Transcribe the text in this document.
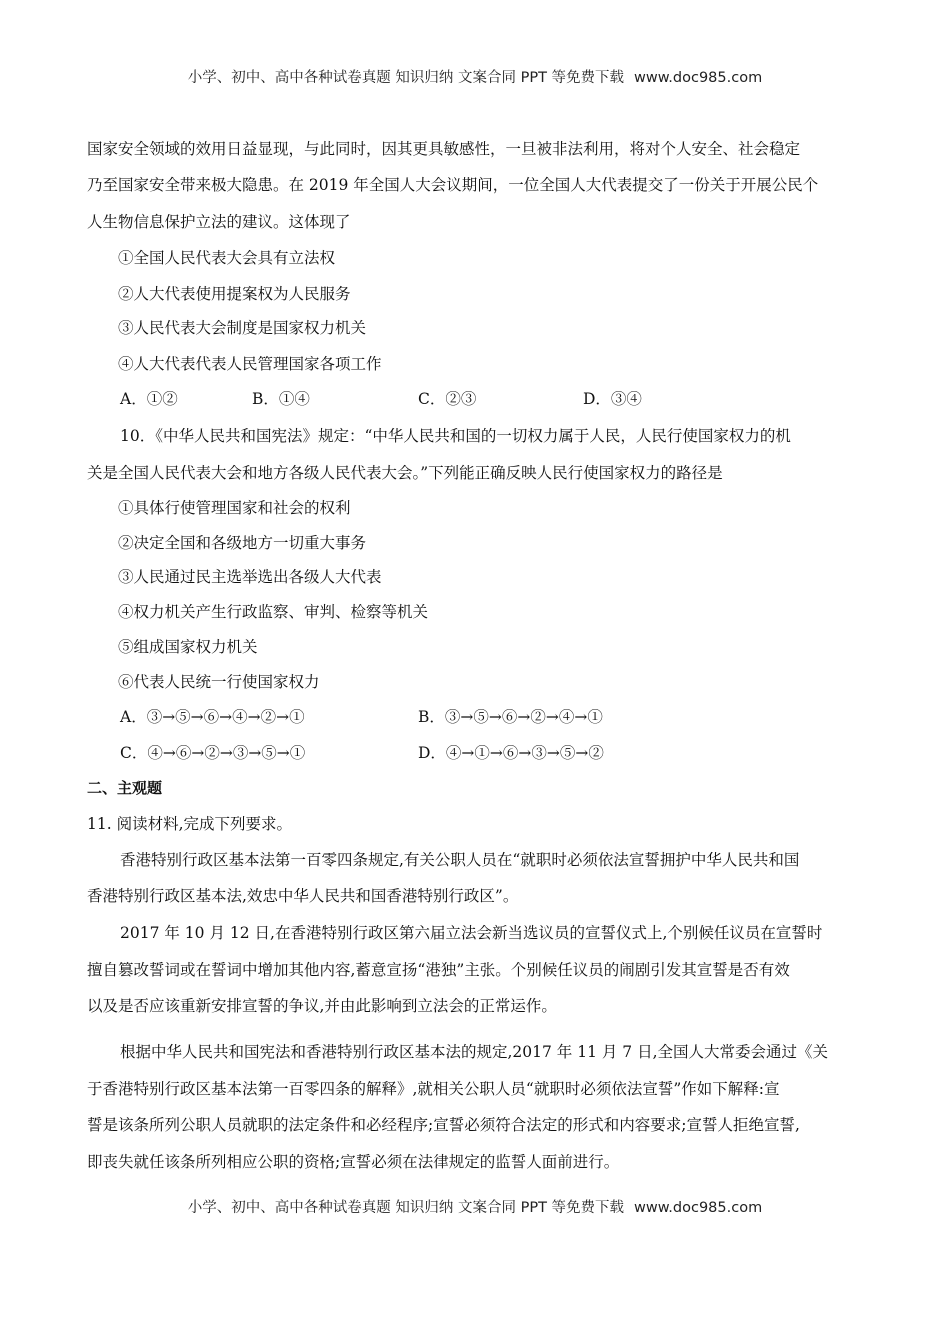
小学、初中、高中各种试卷真题 知识归纳 文案合同 PPT 等免费下载 www.doc985.com
国家安全领域的效用日益显现，与此同时，因其更具敏感性，一旦被非法利用，将对个人安全、社会稳定
乃至国家安全带来极大隐患。在 2019 年全国人大会议期间，一位全国人大代表提交了一份关于开展公民个
人生物信息保护立法的建议。这体现了
①全国人民代表大会具有立法权
②人大代表使用提案权为人民服务
③人民代表大会制度是国家权力机关
④人大代表代表人民管理国家各项工作
A．①②	B．①④	C．②③	D．③④
10．《中华人民共和国宪法》规定：“中华人民共和国的一切权力属于人民，人民行使国家权力的机
关是全国人民代表大会和地方各级人民代表大会。”下列能正确反映人民行使国家权力的路径是
①具体行使管理国家和社会的权利
②决定全国和各级地方一切重大事务
③人民通过民主选举选出各级人大代表
④权力机关产生行政监察、审判、检察等机关
⑤组成国家权力机关
⑥代表人民统一行使国家权力
A．③→⑤→⑥→④→②→①	B．③→⑤→⑥→②→④→①
C．④→⑥→②→③→⑤→①	D．④→①→⑥→③→⑤→②
二、主观题
11. 阅读材料,完成下列要求。
香港特别行政区基本法第一百零四条规定,有关公职人员在“就职时必须依法宣誓拥护中华人民共和国
香港特别行政区基本法,效忠中华人民共和国香港特别行政区”。
2017 年 10 月 12 日,在香港特别行政区第六届立法会新当选议员的宣誓仪式上,个别候任议员在宣誓时
擅自篡改誓词或在誓词中增加其他内容,蓄意宣扬“港独”主张。个别候任议员的闹剧引发其宣誓是否有效
以及是否应该重新安排宣誓的争议,并由此影响到立法会的正常运作。
根据中华人民共和国宪法和香港特别行政区基本法的规定,2017 年 11 月 7 日,全国人大常委会通过《关
于香港特别行政区基本法第一百零四条的解释》,就相关公职人员“就职时必须依法宣誓”作如下解释:宣
誓是该条所列公职人员就职的法定条件和必经程序;宣誓必须符合法定的形式和内容要求;宣誓人拒绝宣誓,
即丧失就任该条所列相应公职的资格;宣誓必须在法律规定的监誓人面前进行。
小学、初中、高中各种试卷真题 知识归纳 文案合同 PPT 等免费下载 www.doc985.com
